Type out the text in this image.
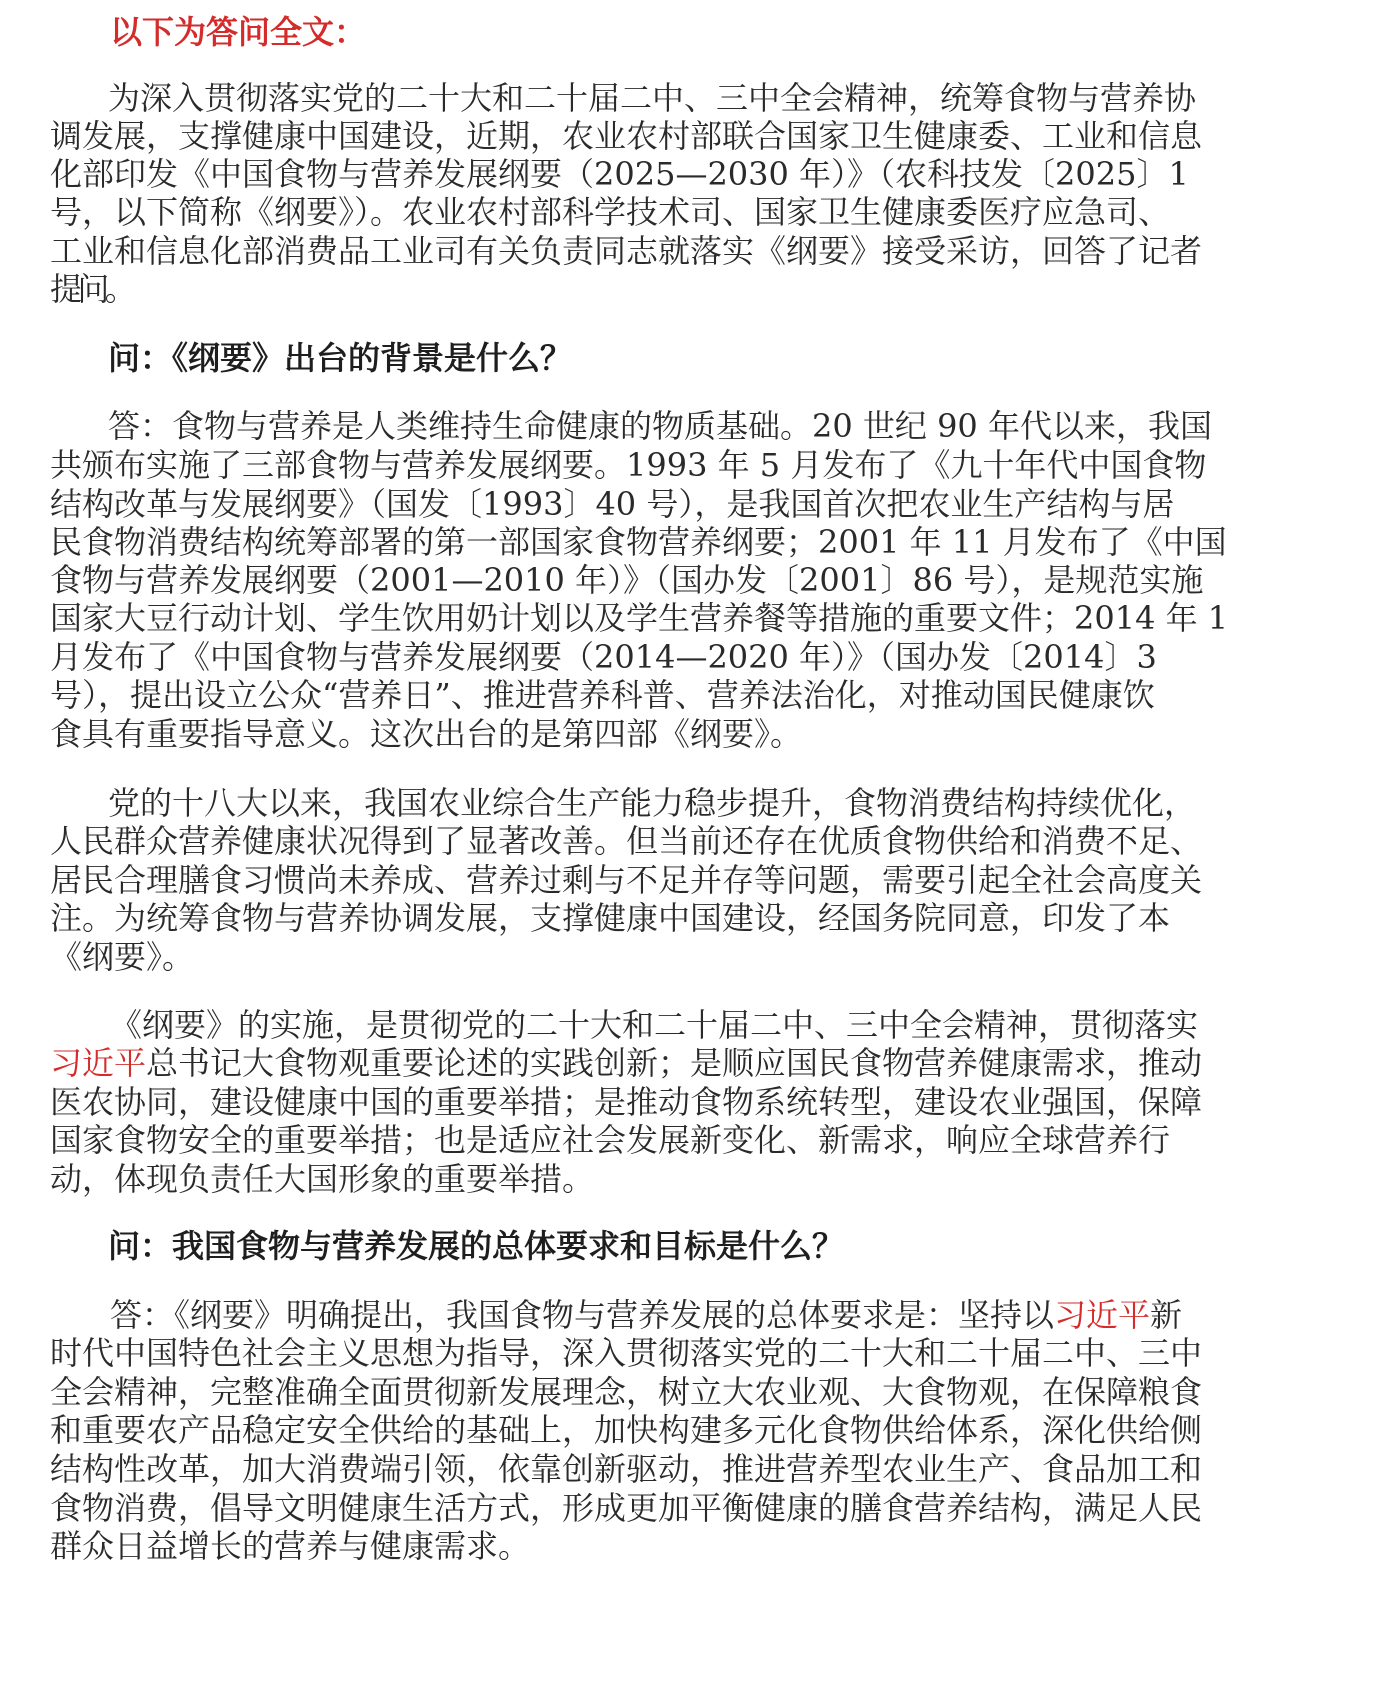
以下为答问全文：

为深入贯彻落实党的二十大和二十届二中、三中全会精神，统筹食物与营养协

调发展，支撑健康中国建设，近期，农业农村部联合国家卫生健康委、工业和信息

化部印发《中国食物与营养发展纲要（2025—2030 年）》（农科技发〔2025〕1

号，以下简称《纲要》）。农业农村部科学技术司、国家卫生健康委医疗应急司、

工业和信息化部消费品工业司有关负责同志就落实《纲要》接受采访，回答了记者

提问。

问：《纲要》出台的背景是什么？

答：食物与营养是人类维持生命健康的物质基础。20 世纪 90 年代以来，我国

共颁布实施了三部食物与营养发展纲要。1993 年 5 月发布了《九十年代中国食物

结构改革与发展纲要》（国发〔1993〕40 号），是我国首次把农业生产结构与居

民食物消费结构统筹部署的第一部国家食物营养纲要；2001 年 11 月发布了《中国

食物与营养发展纲要（2001—2010 年）》（国办发〔2001〕86 号），是规范实施

国家大豆行动计划、学生饮用奶计划以及学生营养餐等措施的重要文件；2014 年 1

月发布了《中国食物与营养发展纲要（2014—2020 年）》（国办发〔2014〕3

号），提出设立公众“营养日”、推进营养科普、营养法治化，对推动国民健康饮

食具有重要指导意义。这次出台的是第四部《纲要》。

党的十八大以来，我国农业综合生产能力稳步提升，食物消费结构持续优化，

人民群众营养健康状况得到了显著改善。但当前还存在优质食物供给和消费不足、

居民合理膳食习惯尚未养成、营养过剩与不足并存等问题，需要引起全社会高度关

注。为统筹食物与营养协调发展，支撑健康中国建设，经国务院同意，印发了本

《纲要》。

《纲要》的实施，是贯彻党的二十大和二十届二中、三中全会精神，贯彻落实

习近平总书记大食物观重要论述的实践创新；是顺应国民食物营养健康需求，推动

医农协同，建设健康中国的重要举措；是推动食物系统转型，建设农业强国，保障

国家食物安全的重要举措；也是适应社会发展新变化、新需求，响应全球营养行

动，体现负责任大国形象的重要举措。

问：我国食物与营养发展的总体要求和目标是什么？

答：《纲要》明确提出，我国食物与营养发展的总体要求是：坚持以习近平新

时代中国特色社会主义思想为指导，深入贯彻落实党的二十大和二十届二中、三中

全会精神，完整准确全面贯彻新发展理念，树立大农业观、大食物观，在保障粮食

和重要农产品稳定安全供给的基础上，加快构建多元化食物供给体系，深化供给侧

结构性改革，加大消费端引领，依靠创新驱动，推进营养型农业生产、食品加工和

食物消费，倡导文明健康生活方式，形成更加平衡健康的膳食营养结构，满足人民

群众日益增长的营养与健康需求。
